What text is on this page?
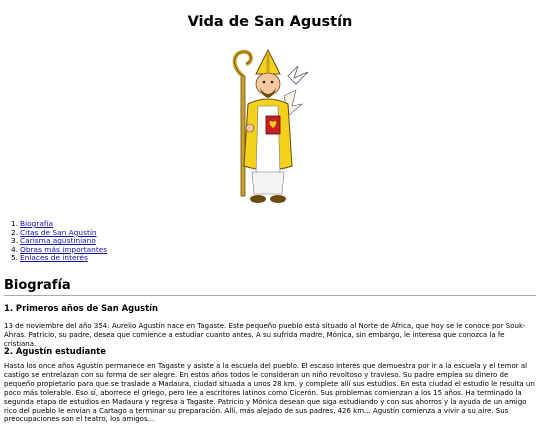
Vida de San Agustín
1. Biografía
2. Citas de San Agustín
3. Carisma agustiniano
4. Obras más importantes
5. Enlaces de interés
Biografía
1. Primeros años de San Agustín

13 de noviembre del año 354: Aurelio Agustín nace en Tagaste. Este pequeño pueblo está situado al Norte de África, que hoy se le conoce por Souk-Ahras. Patricio, su padre, desea que comience a estudiar cuanto antes. A su sufrida madre, Mónica, sin embargo, le interesa que conozca la fe cristiana.

2. Agustín estudiante

Hasta los once años Agustín permanece en Tagaste y asiste a la escuela del pueblo. El escaso interés que demuestra por ir a la escuela y el temor al castigo se entrelazan con su forma de ser alegre. En estos años todos le consideran un niño revoltoso y travieso. Su padre emplea su dinero de pequeño propietario para que se traslade a Madaura, ciudad situada a unos 28 km. y complete allí sus estudios. En esta ciudad el estudio le resulta un poco más tolerable. Eso sí, aborrece el griego, pero lee a escritores latinos como Cicerón. Sus problemas comienzan a los 15 años. Ha terminado la segunda etapa de estudios en Madaura y regresa a Tagaste. Patricio y Mónica desean que siga estudiando y con sus ahorros y la ayuda de un amigo rico del pueblo le envían a Cartago a terminar su preparación. Allí, más alejado de sus padres, 426 km... Agustín comienza a vivir a su aire. Sus preocupaciones son el teatro, los amigos...
